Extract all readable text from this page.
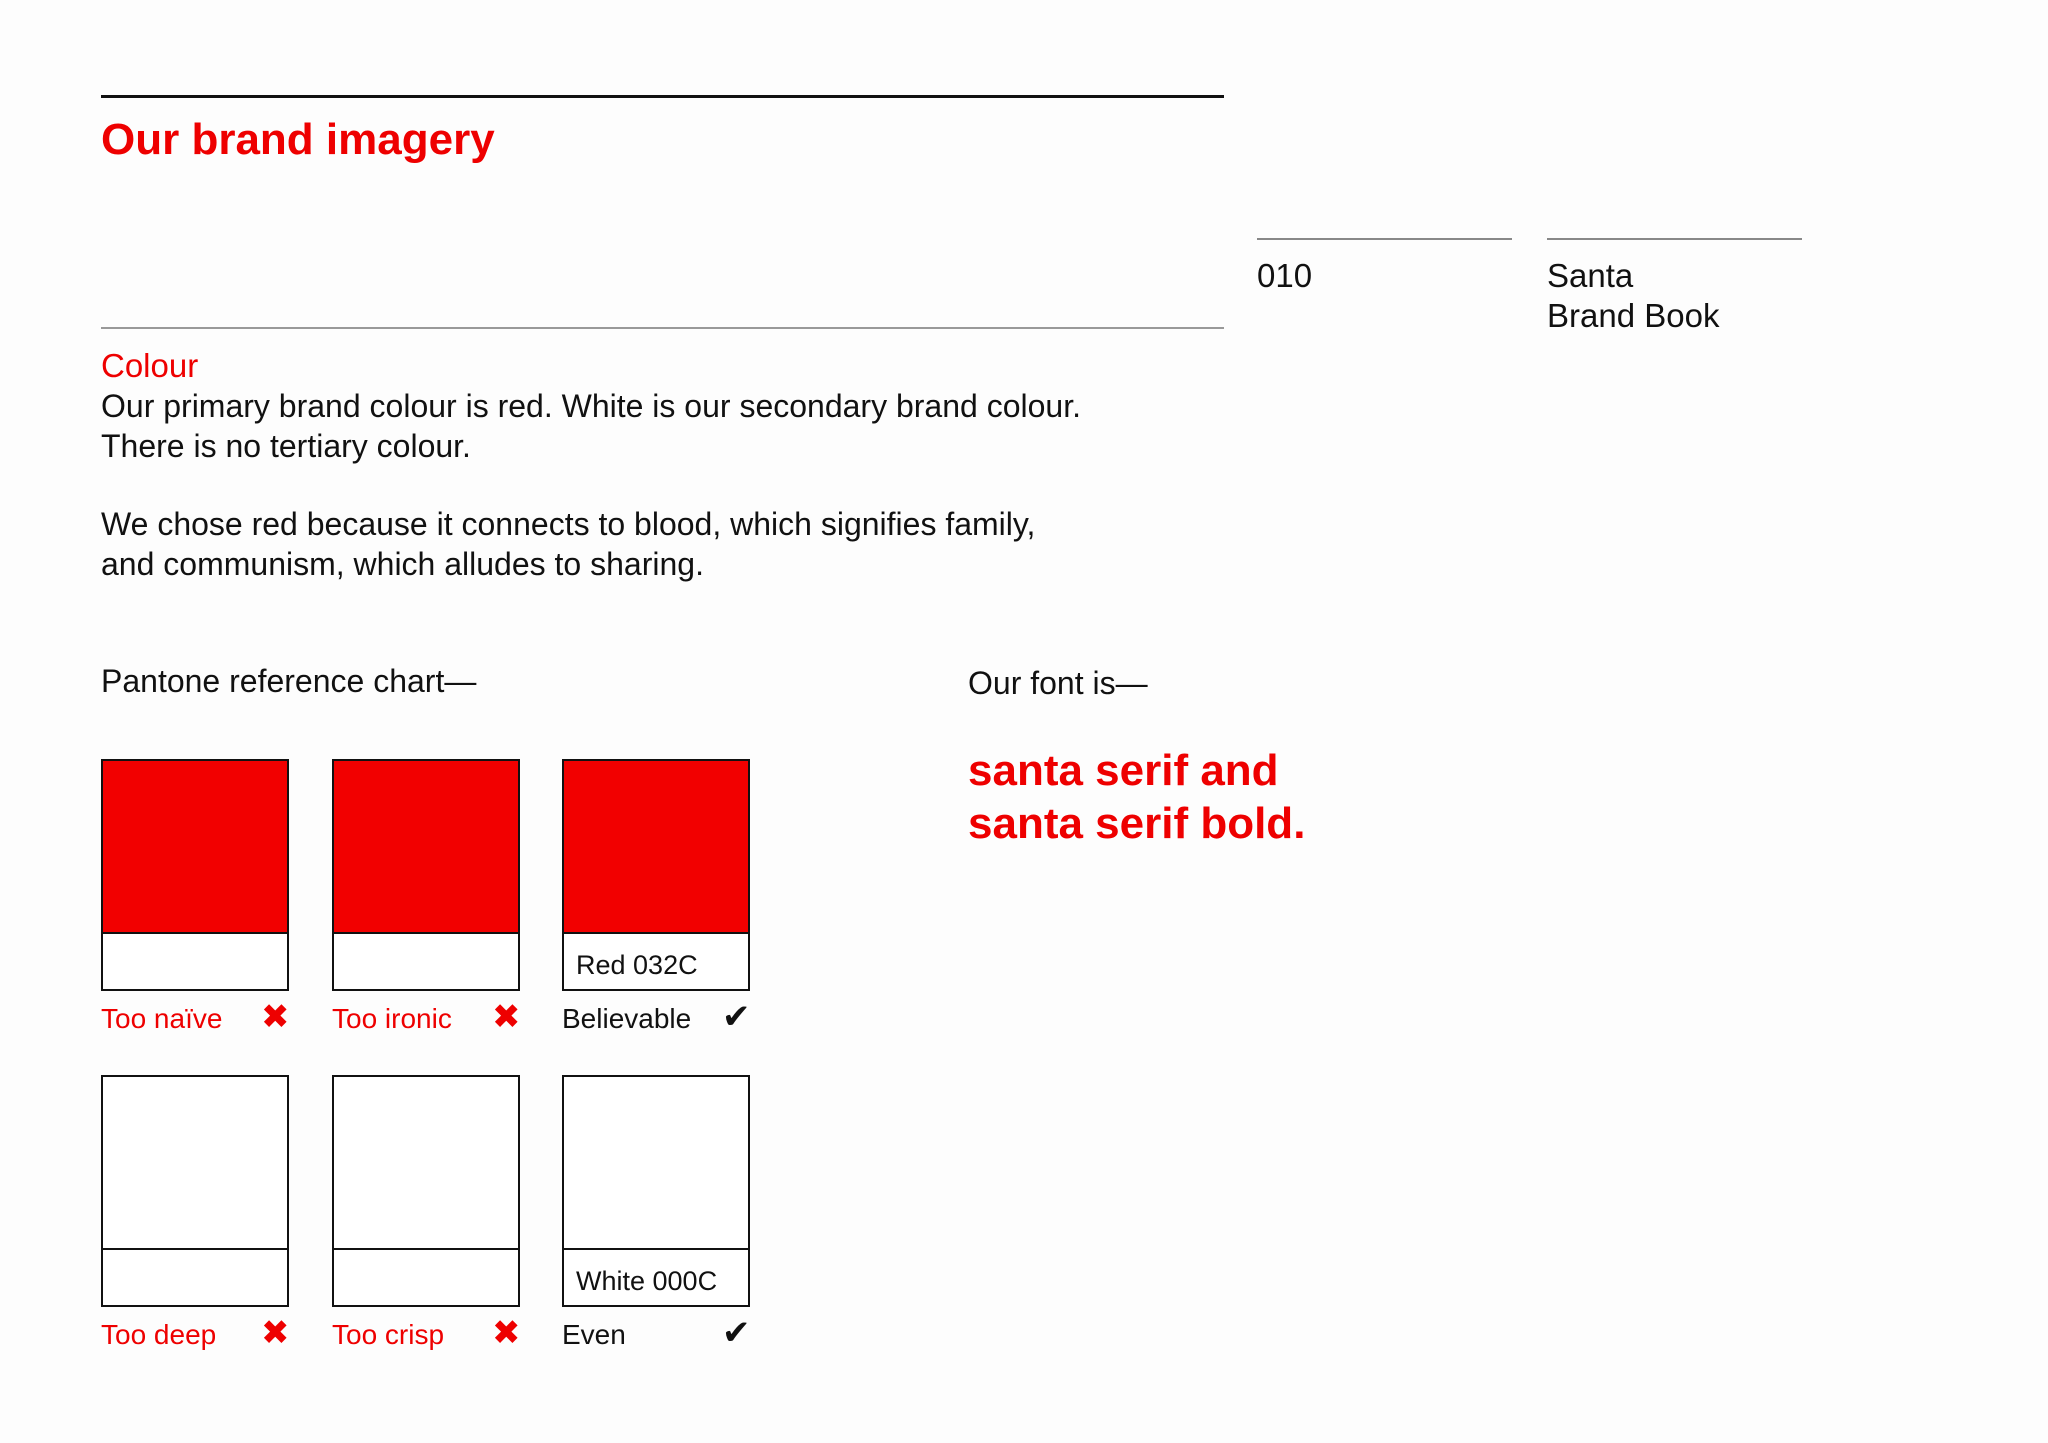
Our brand imagery
010	Santa
Brand Book
Colour
Our primary brand colour is red. White is our secondary brand colour.
There is no tertiary colour.
We chose red because it connects to blood, which signifies family,
and communism, which alludes to sharing.
Pantone reference chart—	Our font is—
santa serif and
santa serif bold.
Too naïve ✖ Too ironic ✖
Red 032C
Believable ✔
Too deep ✖ Too crisp ✖
White 000C
Even	✔
